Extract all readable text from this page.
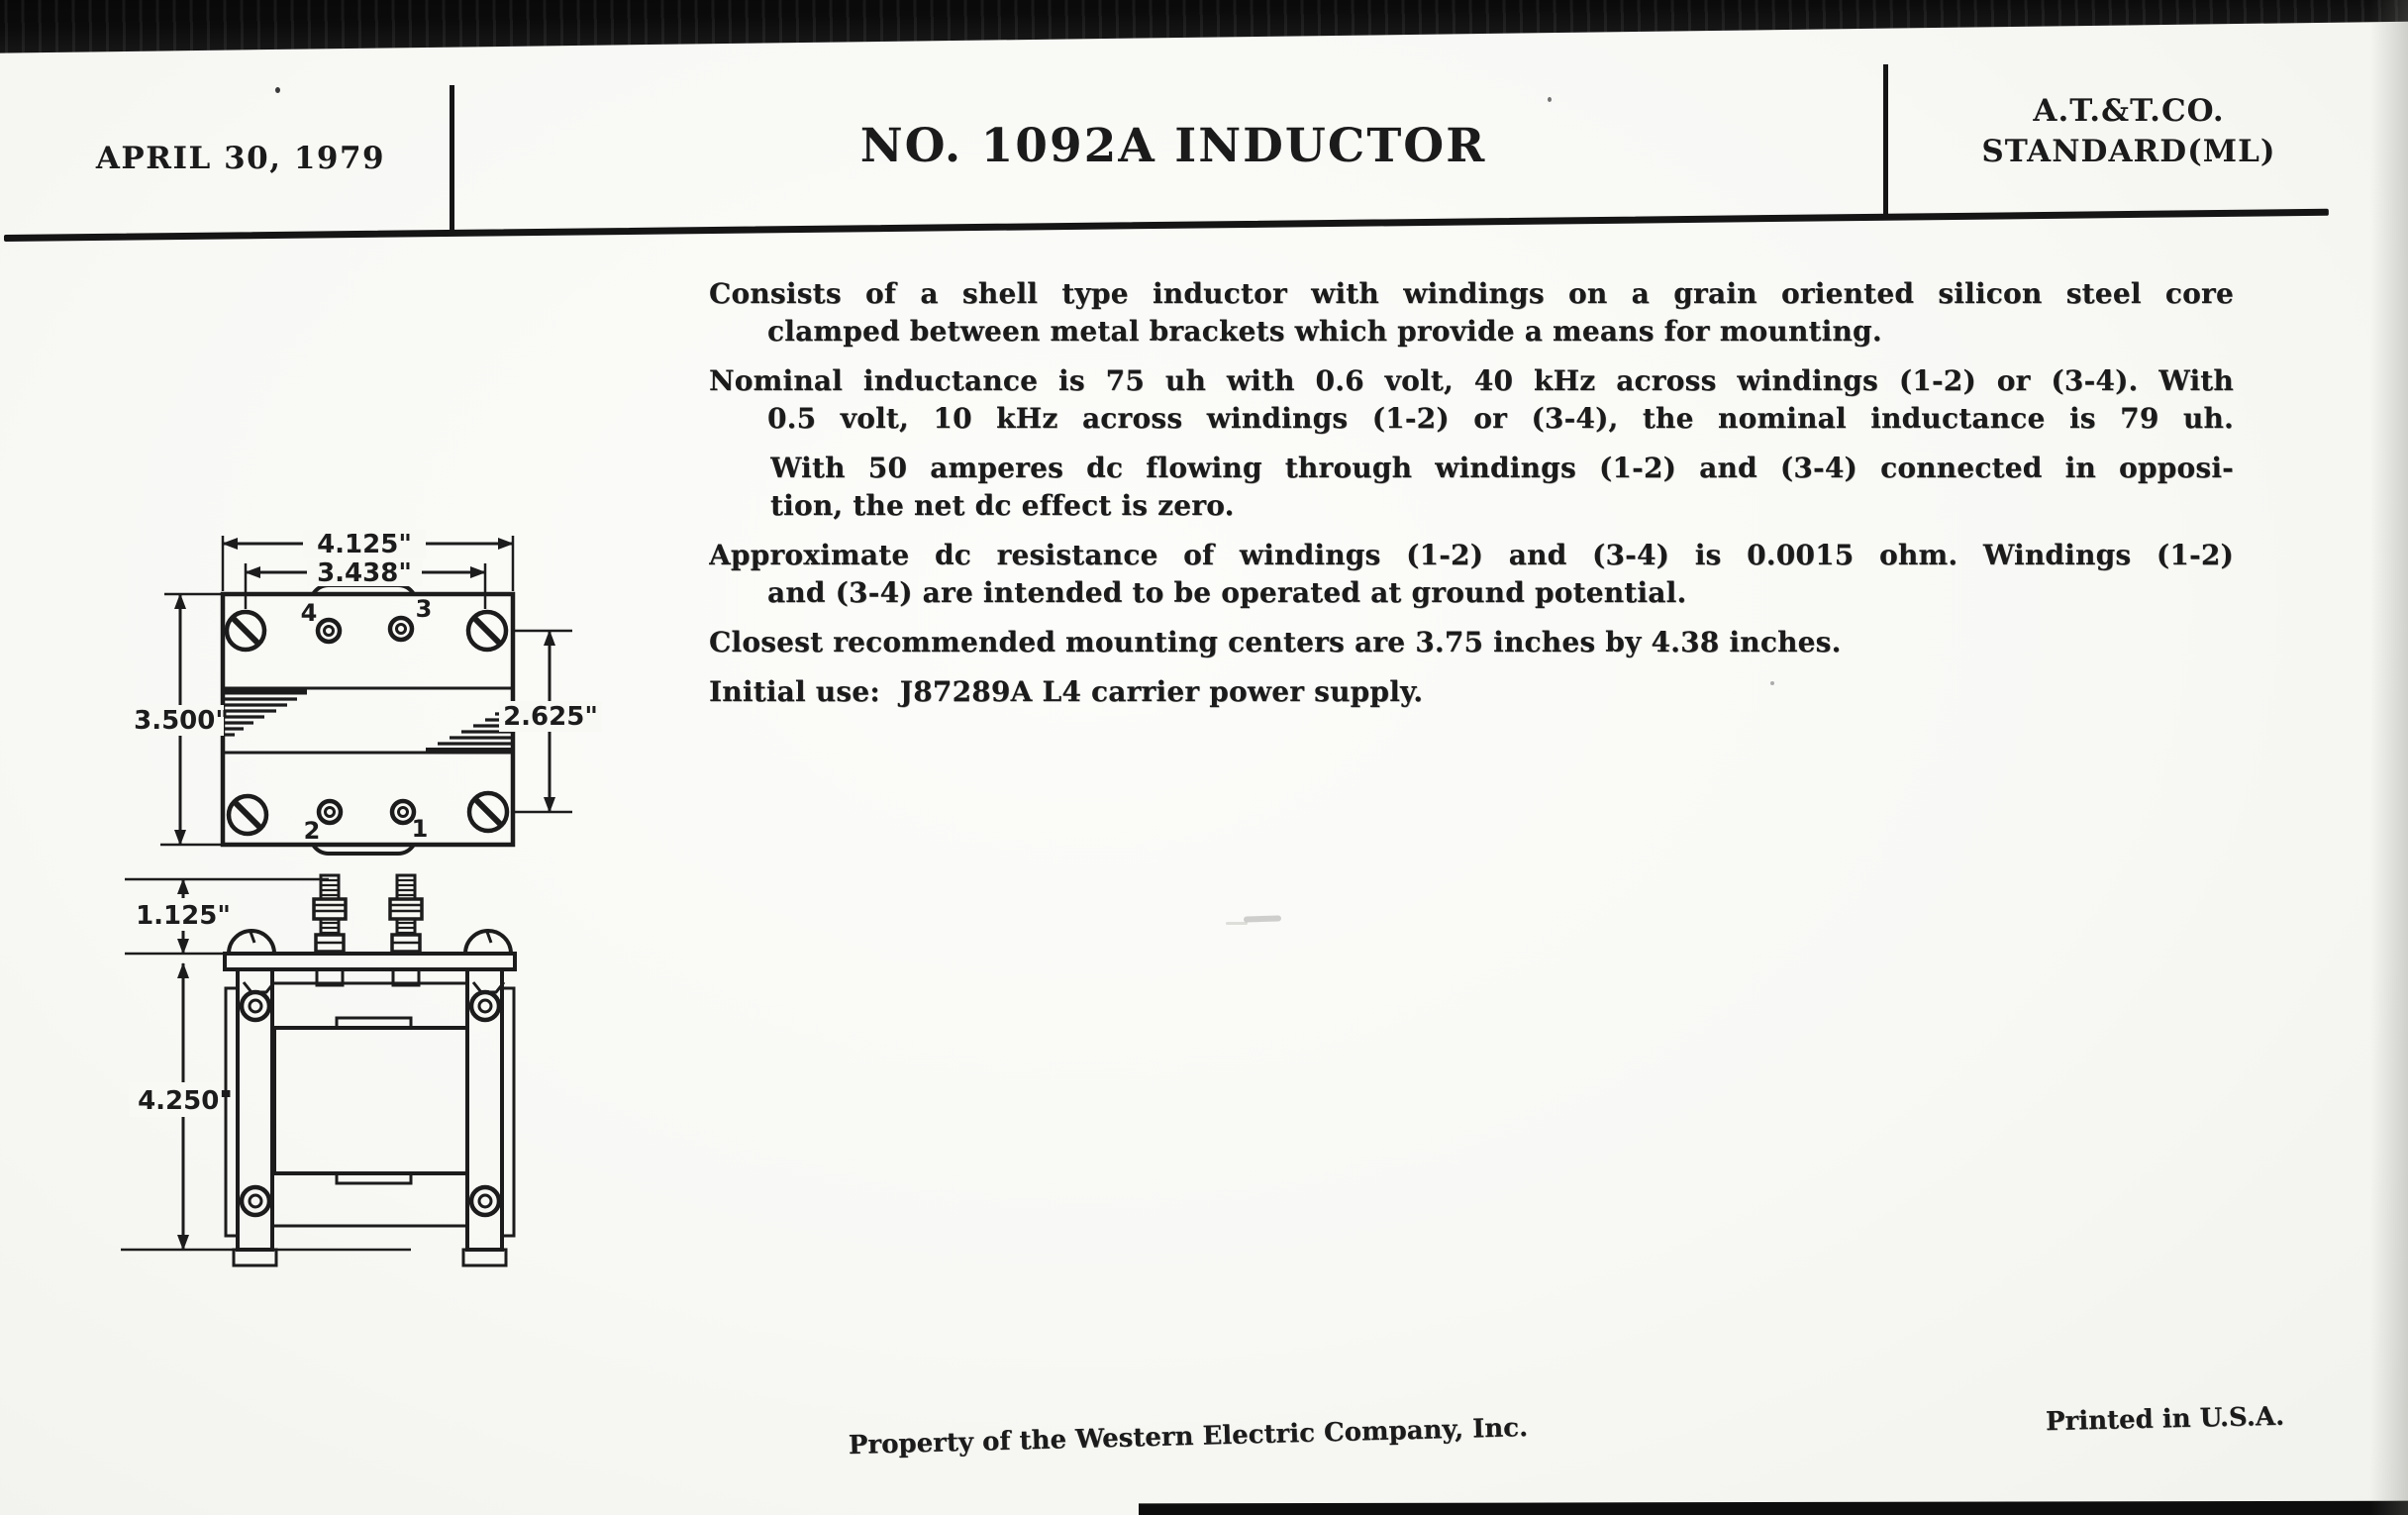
APRIL 30, 1979	NO. 1092A INDUCTOR
A.T.&T.CO.
STANDARD(ML)
Consists of a shell type inductor with windings on a grain oriented silicon steel core
clamped between metal brackets which provide a means for mounting.
Nominal inductance is 75 uh with 0.6 volt, 40 kHz across windings (1-2) or (3-4). With
0.5 volt, 10 kHz across windings (1-2) or (3-4), the nominal inductance is 79 uh.
With 50 amperes dc flowing through windings (1-2) and (3-4) connected in opposi-
tion, the net dc effect is zero.
Approximate dc resistance of windings (1-2) and (3-4) is 0.0015 ohm. Windings (1-2)
and (3-4) are intended to be operated at ground potential.
Closest recommended mounting centers are 3.75 inches by 4.38 inches.
Initial use:  J87289A L4 carrier power supply.
4	3
2	1
4.125"
3.438"
3.500"	2.625"
1.125"
4.250"
Property of the Western Electric Company, Inc.	Printed in U.S.A.
